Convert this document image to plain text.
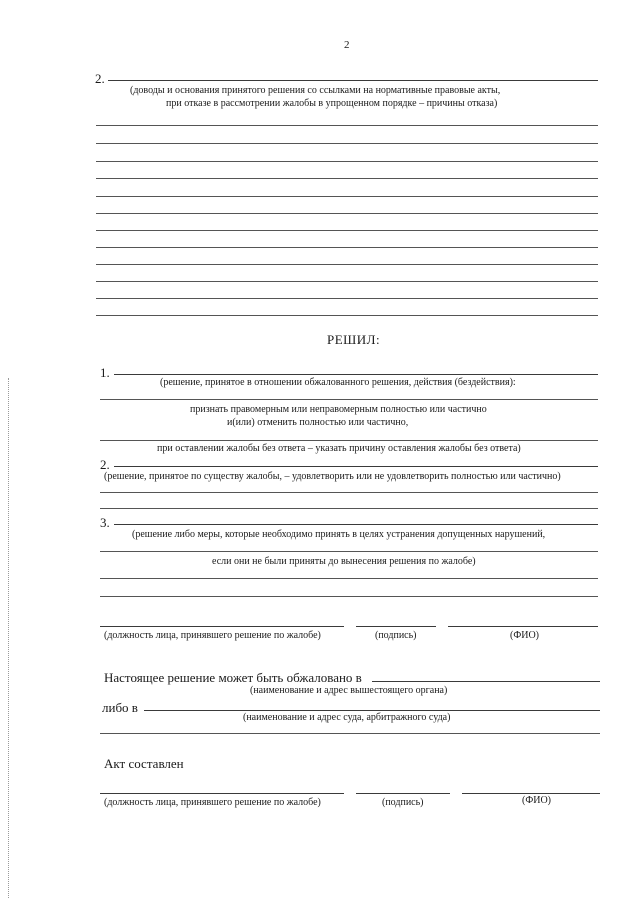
2
2.
(доводы и основания принятого решения со ссылками на нормативные правовые акты,
при отказе в рассмотрении жалобы в упрощенном порядке – причины отказа)
РЕШИЛ:
1.
(решение, принятое в отношении обжалованного решения, действия (бездействия):
признать правомерным или неправомерным полностью или частично
и(или) отменить полностью или частично,
при оставлении жалобы без ответа – указать причину оставления жалобы без ответа)
2.
(решение, принятое по существу жалобы, – удовлетворить или не удовлетворить полностью или частично)
3.
(решение либо меры, которые необходимо принять в целях устранения допущенных нарушений,
если они не были приняты до вынесения решения по жалобе)
(должность лица, принявшего решение по жалобе)	(подпись)	(ФИО)
Настоящее решение может быть обжаловано в
(наименование и адрес вышестоящего органа)
либо в
(наименование и адрес суда, арбитражного суда)
Акт составлен
(должность лица, принявшего решение по жалобе)	(подпись)	(ФИО)
